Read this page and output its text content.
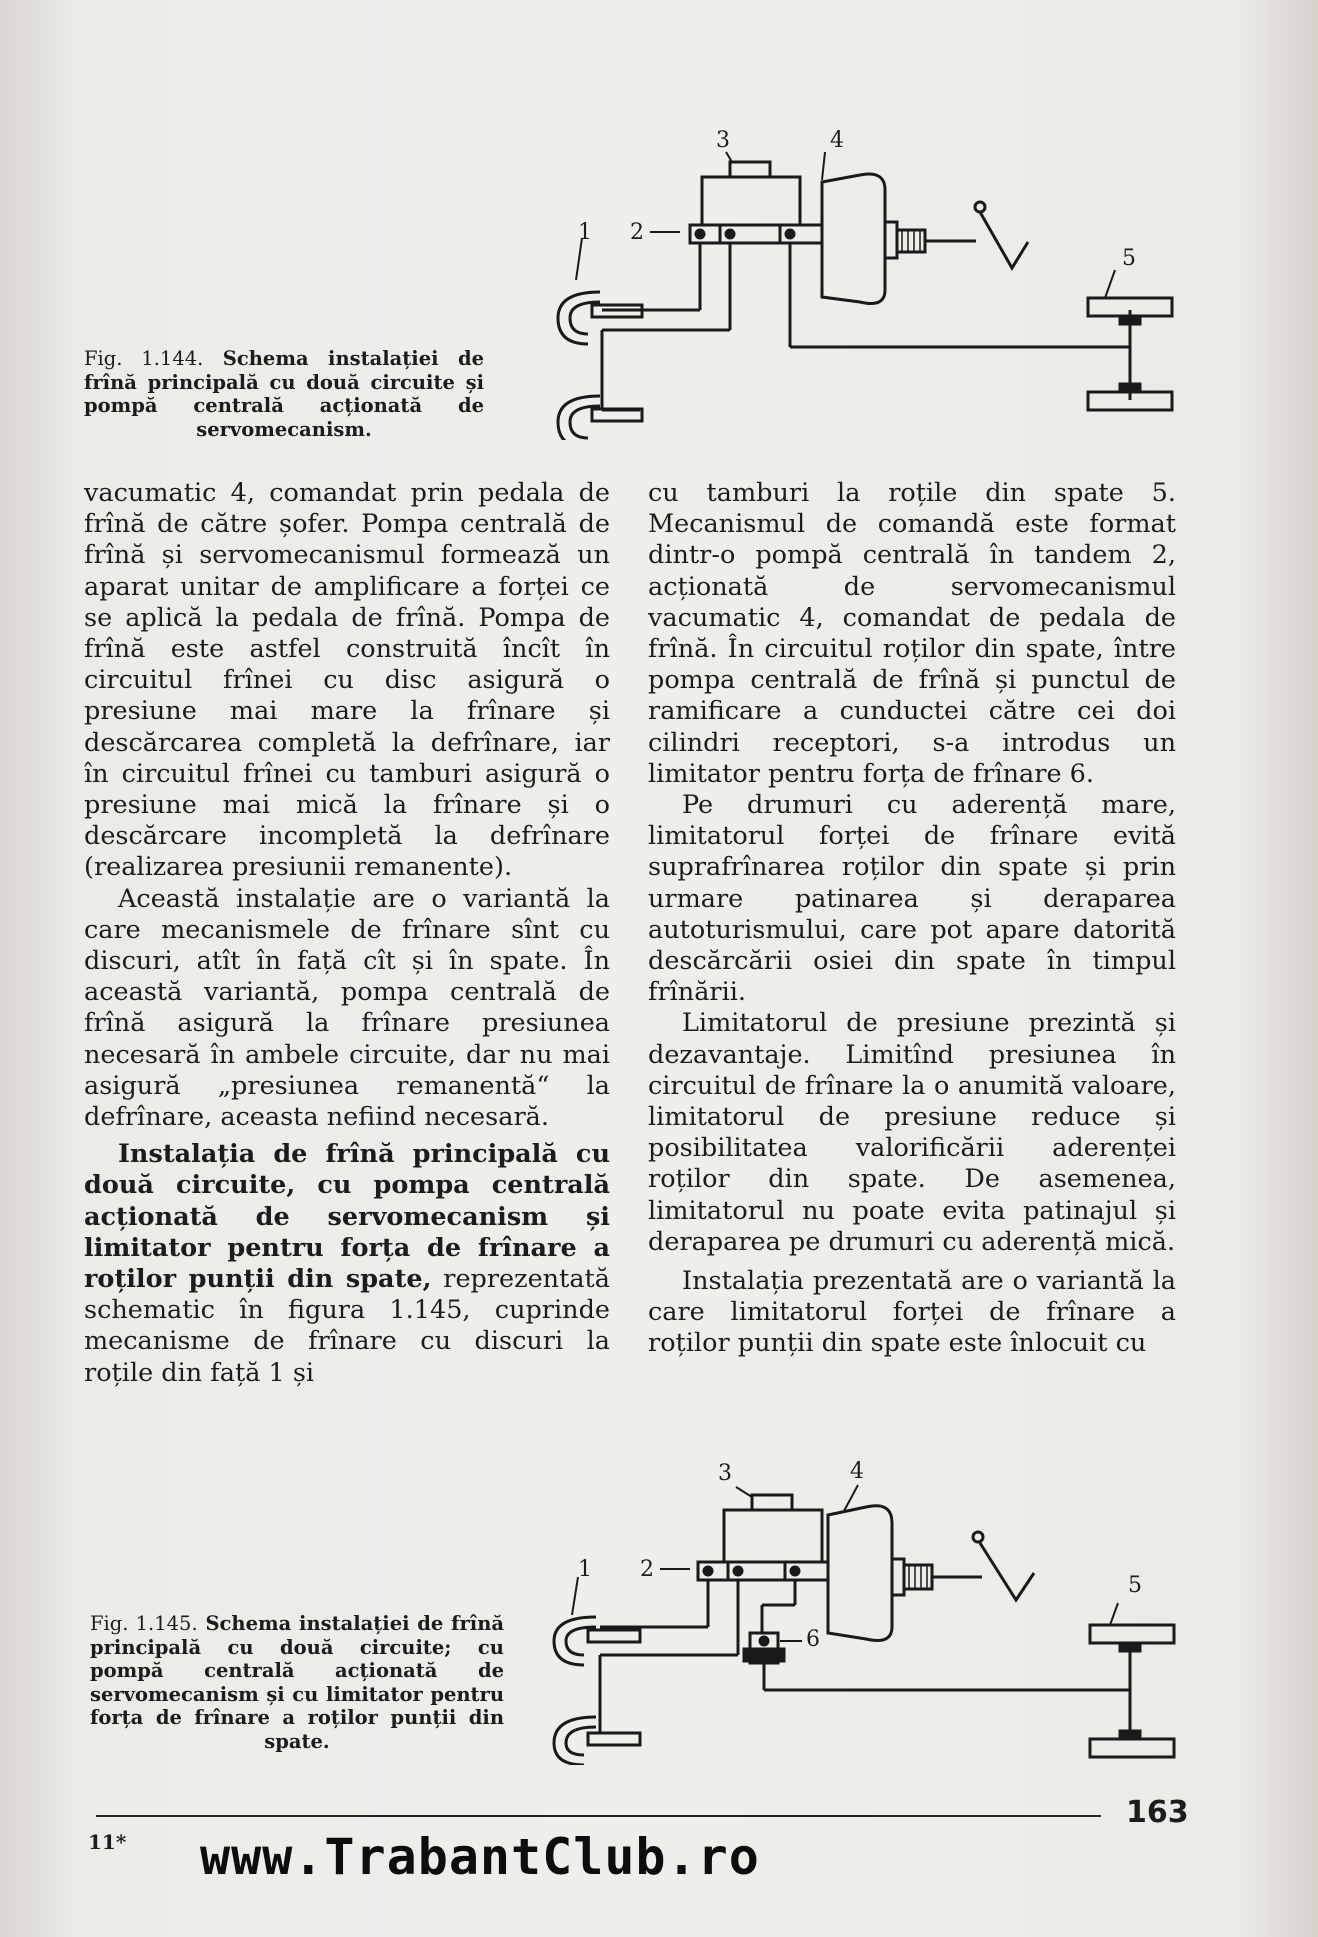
Fig. 1.144. Schema instalației de frînă principală cu două circuite și pompă centrală acționată de servomecanism.
1 2
3	4
5

vacumatic 4, comandat prin pedala de frînă de către șofer. Pompa centrală de frînă și servomecanismul formează un aparat unitar de amplificare a forței ce se aplică la pedala de frînă. Pompa de frînă este astfel construită încît în circuitul frînei cu disc asigură o presiune mai mare la frînare și descărcarea completă la defrînare, iar în circuitul frînei cu tamburi asigură o presiune mai mică la frînare și o descărcare incompletă la defrînare (realizarea presiunii remanente).

Această instalație are o variantă la care mecanismele de frînare sînt cu discuri, atît în față cît și în spate. În această variantă, pompa centrală de frînă asigură la frînare presiunea necesară în ambele circuite, dar nu mai asigură „presiunea remanentă“ la defrînare, aceasta nefiind necesară.

Instalația de frînă principală cu două circuite, cu pompa centrală acționată de servomecanism și limitator pentru forța de frînare a roților punții din spate, reprezentată schematic în figura 1.145, cuprinde mecanisme de frînare cu discuri la roțile din față 1 și

cu tamburi la roțile din spate 5. Mecanismul de comandă este format dintr-o pompă centrală în tandem 2, acționată de servomecanismul vacumatic 4, comandat de pedala de frînă. În circuitul roților din spate, între pompa centrală de frînă și punctul de ramificare a cunductei către cei doi cilindri receptori, s-a introdus un limitator pentru forța de frînare 6.

Pe drumuri cu aderență mare, limitatorul forței de frînare evită suprafrînarea roților din spate și prin urmare patinarea și deraparea autoturismului, care pot apare datorită descărcării osiei din spate în timpul frînării.

Limitatorul de presiune prezintă și dezavantaje. Limitînd presiunea în circuitul de frînare la o anumită valoare, limitatorul de presiune reduce și posibilitatea valorificării aderenței roților din spate. De asemenea, limitatorul nu poate evita patinajul și deraparea pe drumuri cu aderență mică.

Instalația prezentată are o variantă la care limitatorul forței de frînare a roților punții din spate este înlocuit cu

Fig. 1.145. Schema instalației de frînă principală cu două circuite; cu pompă centrală acționată de servomecanism și cu limitator pentru forța de frînare a roților punții din spate.
1 2
3	4
5
6
163
11* www.TrabantClub.ro
